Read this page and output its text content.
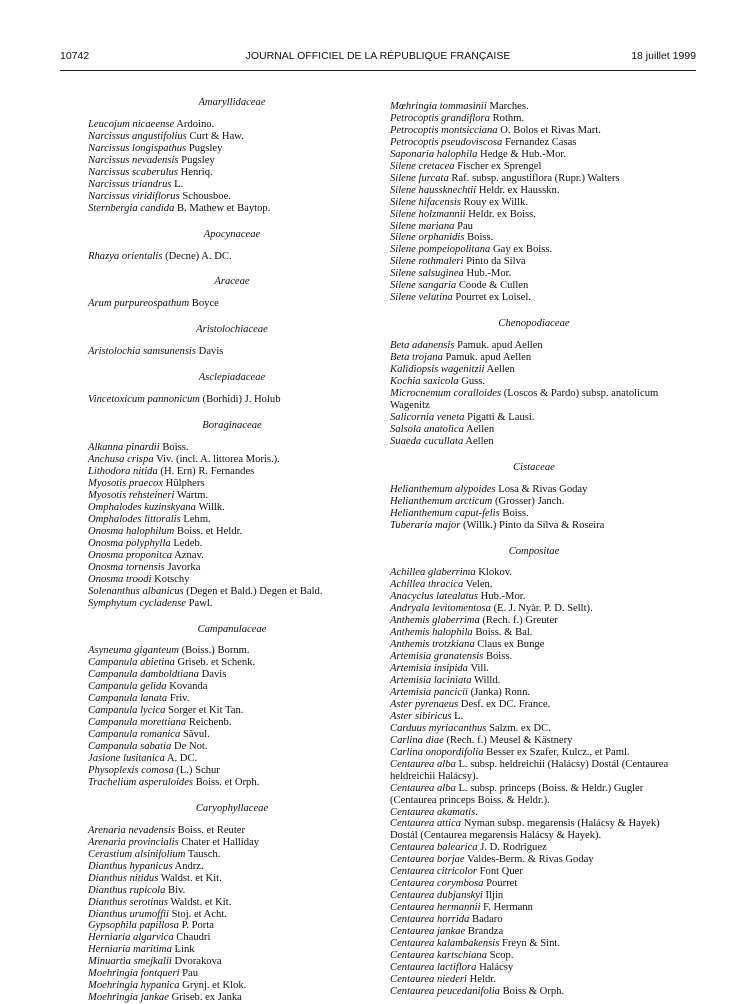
10742	JOURNAL OFFICIEL DE LA RÉPUBLIQUE FRANÇAISE	18 juillet 1999
Amaryllidaceae
Leucojum nicaeense Ardoino.
Narcissus angustifolius Curt & Haw.
Narcissus longispathus Pugsley
Narcissus nevadensis Pugsley
Narcissus scaberulus Henriq.
Narcissus triandrus L.
Narcissus viridiflorus Schousboe.
Sternbergia candida B. Mathew et Baytop.
Apocynaceae
Rhazya orientalis (Decne) A. DC.
Araceae
Arum purpureospathum Boyce
Aristolochiaceae
Aristolochia samsunensis Davis
Asclepiadaceae
Vincetoxicum pannonicum (Borhidi) J. Holub
Boraginaceae
Alkanna pinardii Boiss.
Anchusa crispa Viv. (incl. A. littorea Moris.).
Lithodora nitida (H. Ern) R. Fernandes
Myosotis praecox Hülphers
Myosotis rehsteineri Wartm.
Omphalodes kuzinskyana Willk.
Omphalodes littoralis Lehm.
Onosma halophilum Boiss. et Heldr.
Onosma polyphylla Ledeb.
Onosma proponitca Aznav.
Onosma tornensis Javorka
Onosma troodi Kotschy
Solenanthus albanicus (Degen et Bald.) Degen et Bald.
Symphytum cycladense Pawl.
Campanulaceae
Asyneuma giganteum (Boiss.) Bornm.
Campanula abietina Griseb. et Schenk.
Campanula damboldtiana Davis
Campanula gelida Kovanda
Campanula lanata Friv.
Campanula lycica Sorger et Kit Tan.
Campanula morettiana Reichenb.
Campanula romanica Săvul.
Campanula sabatia De Not.
Jasione lusitanica A. DC.
Physoplexis comosa (L.) Schur
Trachelium asperuloides Boiss. et Orph.
Caryophyllaceae
Arenaria nevadensis Boiss. et Reuter
Arenaria provincialis Chater et Halliday
Cerastium alsinifolium Tausch.
Dianthus hypanicus Andrz.
Dianthus nitidus Waldst. et Kit.
Dianthus rupicola Biv.
Dianthus serotinus Waldst. et Kit.
Dianthus urumoffii Stoj. et Acht.
Gypsophila papillosa P. Porta
Herniaria algarvica Chaudri
Herniaria maritima Link
Minuartia smejkalii Dvorakova
Moehringia fontqueri Pau
Moehringia hypanica Grynj. et Klok.
Moehringia jankae Griseb. ex Janka
Mœhringia tommasinii Marches.
Petrocoptis grandiflora Rothm.
Petrocoptis montsicciana O. Bolos et Rivas Mart.
Petrocoptis pseudoviscosa Fernandez Casas
Saponaria halophila Hedge & Hub.-Mor.
Silene cretacea Fischer ex Sprengel
Silene furcata Raf. subsp. angustiflora (Rupr.) Walters
Silene haussknechtii Heldr. ex Hausskn.
Silene hifacensis Rouy ex Willk.
Silene holzmannii Heldr. ex Boiss.
Silene mariana Pau
Silene orphanidis Boiss.
Silene pompeiopolitana Gay ex Boiss.
Silene rothmaleri Pinto da Silva
Silene salsuginea Hub.-Mor.
Silene sangaria Coode & Cullen
Silene velutina Pourret ex Loisel.
Chenopodiaceae
Beta adanensis Pamuk. apud Aellen
Beta trojana Pamuk. apud Aellen
Kalidiopsis wagenitzii Aellen
Kochia saxicola Guss.
Microcnemum coralloides (Loscos & Pardo) subsp. anatolicum Wagenitz
Salicornia veneta Pigatti & Lausi.
Salsola anatolica Aellen
Suaeda cucullata Aellen
Cistaceae
Helianthemum alypoides Losa & Rivas Goday
Helianthemum arcticum (Grosser) Janch.
Helianthemum caput-felis Boiss.
Tuberaria major (Willk.) Pinto da Silva & Roseira
Compositae
Achillea glaberrima Klokov.
Achillea thracica Velen.
Anacyclus latealatus Hub.-Mor.
Andryala levitomentosa (E. J. Nyàr. P. D. Sellt).
Anthemis glaberrima (Rech. f.) Greuter
Anthemis halophila Boiss. & Bal.
Anthemis trotzkiana Claus ex Bunge
Artemisia granatensis Boiss.
Artemisia insipida Vill.
Artemisia laciniata Willd.
Artemisia pancicii (Janka) Ronn.
Aster pyrenaeus Desf. ex DC. France.
Aster sibiricus L.
Carduus myriacanthus Salzm. ex DC.
Carlina diae (Rech. f.) Meusel & Kästnery
Carlina onopordifolia Besser ex Szafer, Kulcz., et Paml.
Centaurea alba L. subsp. heldreichii (Halácsy) Dostál (Centaurea heldreichii Halácsy).
Centaurea alba L. subsp. princeps (Boiss. & Heldr.) Gugler (Centaurea princeps Boiss. & Heldr.).
Centaurea akamatis.
Centaurea attica Nyman subsp. megarensis (Halácsy & Hayek) Dostál (Centaurea megarensis Halácsy & Hayek).
Centaurea balearica J. D. Rodriguez
Centaurea borjae Valdes-Berm. & Rivas Goday
Centaurea citricolor Font Quer
Centaurea corymbosa Pourret
Centaurea dubjanskyi Iljin
Centaurea hermannii F. Hermann
Centaurea horrida Badaro
Centaurea jankae Brandza
Centaurea kalambakensis Freyn & Sint.
Centaurea kartschiana Scop.
Centaurea lactiflora Halácsy
Centaurea niederi Heldr.
Centaurea peucedanifolia Boiss & Orph.
